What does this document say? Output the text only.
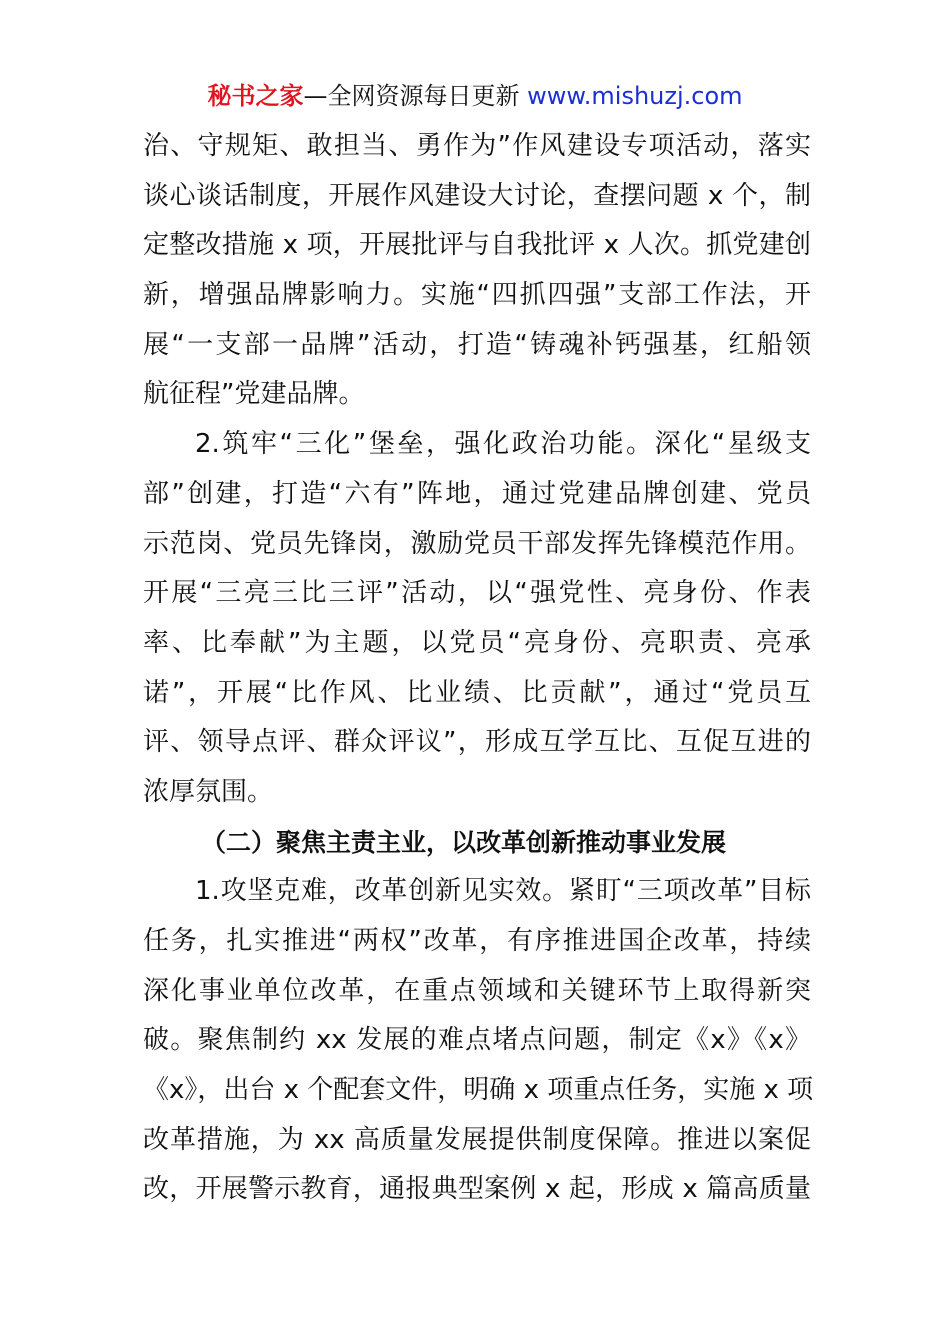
秘书之家—全网资源每日更新 www.mishuzj.com
治、守规矩、敢担当、勇作为”作风建设专项活动，落实
谈心谈话制度，开展作风建设大讨论，查摆问题 x 个，制
定整改措施 x 项，开展批评与自我批评 x 人次。抓党建创
新，增强品牌影响力。实施“四抓四强”支部工作法，开
展“一支部一品牌”活动，打造“铸魂补钙强基，红船领
航征程”党建品牌。
2.筑牢“三化”堡垒，强化政治功能。深化“星级支
部”创建，打造“六有”阵地，通过党建品牌创建、党员
示范岗、党员先锋岗，激励党员干部发挥先锋模范作用。
开展“三亮三比三评”活动，以“强党性、亮身份、作表
率、比奉献”为主题，以党员“亮身份、亮职责、亮承
诺”，开展“比作风、比业绩、比贡献”，通过“党员互
评、领导点评、群众评议”，形成互学互比、互促互进的
浓厚氛围。
（二）聚焦主责主业，以改革创新推动事业发展
1.攻坚克难，改革创新见实效。紧盯“三项改革”目标
任务，扎实推进“两权”改革，有序推进国企改革，持续
深化事业单位改革，在重点领域和关键环节上取得新突
破。聚焦制约 xx 发展的难点堵点问题，制定《x》《x》
《x》，出台 x 个配套文件，明确 x 项重点任务，实施 x 项
改革措施，为 xx 高质量发展提供制度保障。推进以案促
改，开展警示教育，通报典型案例 x 起，形成 x 篇高质量
